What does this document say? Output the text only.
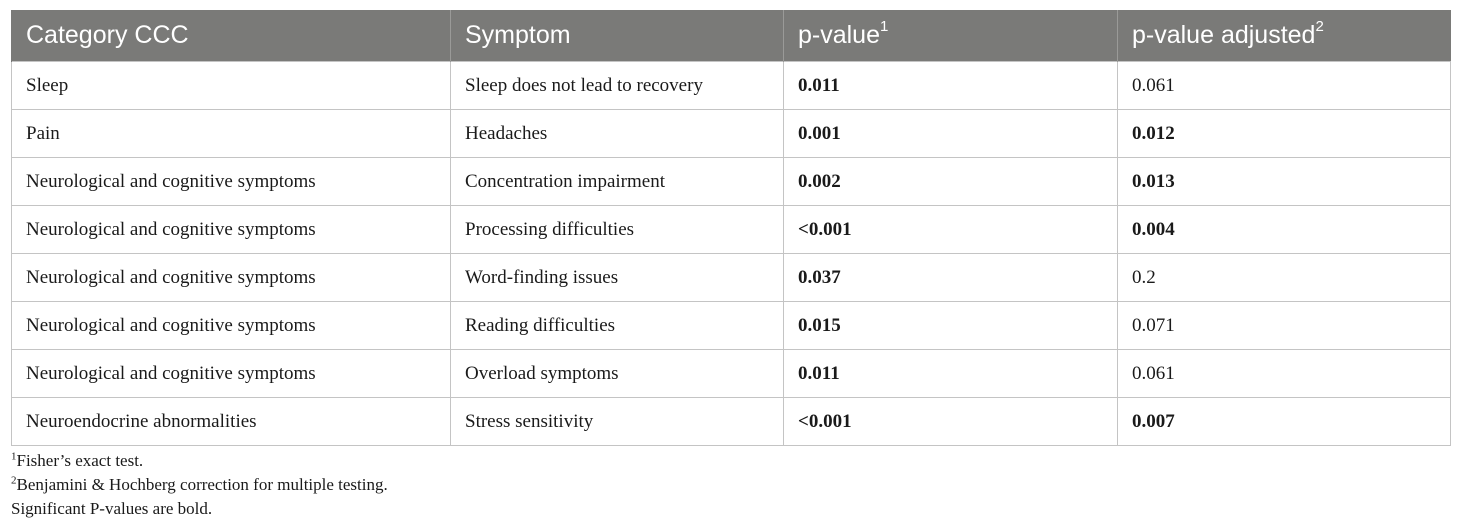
Category CCC	Symptom	p-value$^1$	p-value adjusted$^2$
Sleep	Sleep does not lead to recovery	0.011	0.061
Pain	Headaches	0.001	0.012
Neurological and cognitive symptoms	Concentration impairment	0.002	0.013
Neurological and cognitive symptoms	Processing difficulties	<0.001	0.004
Neurological and cognitive symptoms	Word-finding issues	0.037	0.2
Neurological and cognitive symptoms	Reading difficulties	0.015	0.071
Neurological and cognitive symptoms	Overload symptoms	0.011	0.061
Neuroendocrine abnormalities	Stress sensitivity	<0.001	0.007
$^1$Fisher’s exact test.
$^2$Benjamini & Hochberg correction for multiple testing.
Significant P-values are bold.
